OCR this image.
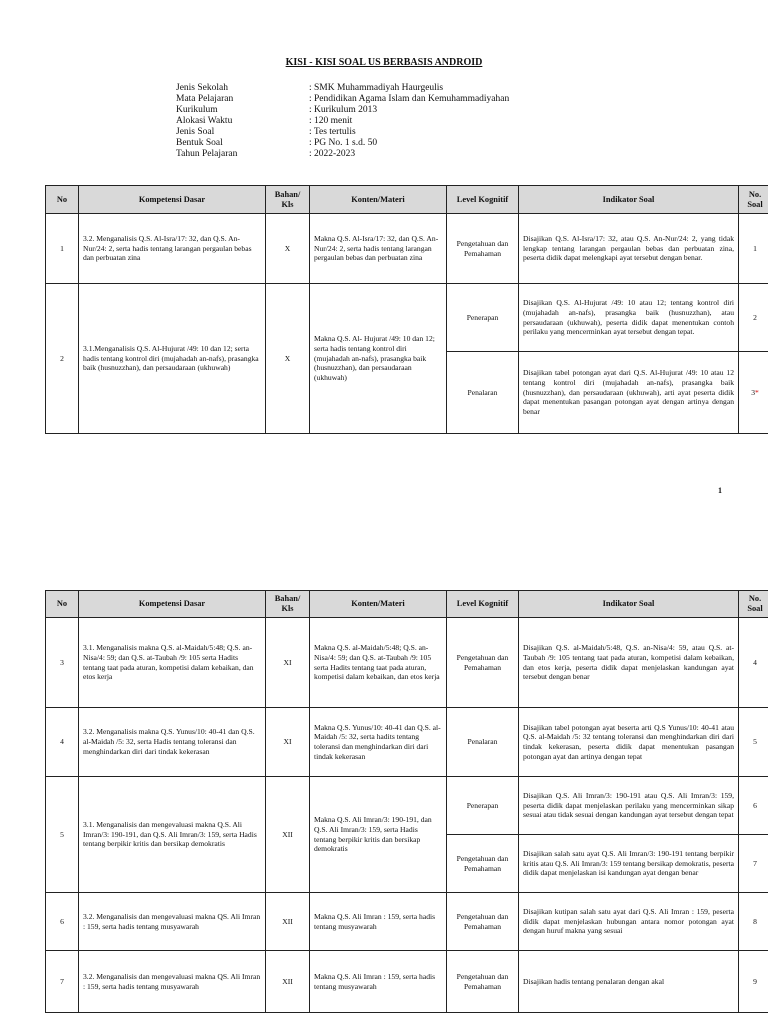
KISI - KISI SOAL US BERBASIS ANDROID
Jenis Sekolah	: SMK Muhammadiyah Haurgeulis
Mata Pelajaran	: Pendidikan Agama Islam dan Kemuhammadiyahan
Kurikulum	: Kurikulum 2013
Alokasi Waktu	: 120 menit
Jenis Soal	: Tes tertulis
Bentuk Soal	: PG No. 1 s.d. 50
Tahun Pelajaran	: 2022-2023
No	Kompetensi Dasar	Bahan/ Kls	Konten/Materi	Level Kognitif	Indikator Soal	No. Soal
1	3.2. Menganalisis Q.S. Al-Isra/17: 32, dan Q.S. An-Nur/24: 2, serta hadis tentang larangan pergaulan bebas dan perbuatan zina	X	Makna Q.S. Al-Isra/17: 32, dan Q.S. An-Nur/24: 2, serta hadis tentang larangan pergaulan bebas dan perbuatan zina	Pengetahuan dan Pemahaman	Disajikan Q.S. Al-Isra/17: 32, atau Q.S. An-Nur/24: 2, yang tidak lengkap tentang larangan pergaulan bebas dan perbuatan zina, peserta didik dapat melengkapi ayat tersebut dengan benar.	1
2	3.1.Menganalisis Q.S. Al-Hujurat /49: 10 dan 12; serta hadis tentang kontrol diri (mujahadah an-nafs), prasangka baik (husnuzzhan), dan persaudaraan (ukhuwah)	X	Makna Q.S. Al- Hujurat /49: 10 dan 12; serta hadis tentang kontrol diri (mujahadah an-nafs), prasangka baik (husnuzzhan), dan persaudaraan (ukhuwah)	Penerapan	Disajikan Q.S. Al-Hujurat /49: 10 atau 12; tentang kontrol diri (mujahadah an-nafs), prasangka baik (husnuzzhan), atau persaudaraan (ukhuwah), peserta didik dapat menentukan contoh perilaku yang mencerminkan ayat tersebut dengan tepat.	2
				Penalaran	Disajikan tabel potongan ayat dari Q.S. Al-Hujurat /49: 10 atau 12 tentang kontrol diri (mujahadah an-nafs), prasangka baik (husnuzzhan), dan persaudaraan (ukhuwah), arti ayat peserta didik dapat menentukan pasangan potongan ayat dengan artinya dengan benar	3*
1
No	Kompetensi Dasar	Bahan/ Kls	Konten/Materi	Level Kognitif	Indikator Soal	No. Soal
3	3.1. Menganalisis makna Q.S. al-Maidah/5:48; Q.S. an-Nisa/4: 59; dan Q.S. at-Taubah /9: 105 serta Hadits tentang taat pada aturan, kompetisi dalam kebaikan, dan etos kerja	XI	Makna Q.S. al-Maidah/5:48; Q.S. an-Nisa/4: 59; dan Q.S. at-Taubah /9: 105 serta Hadits tentang taat pada aturan, kompetisi dalam kebaikan, dan etos kerja	Pengetahuan dan Pemahaman	Disajikan Q.S. al-Maidah/5:48, Q.S. an-Nisa/4: 59, atau Q.S. at-Taubah /9: 105 tentang taat pada aturan, kompetisi dalam kebaikan, dan etos kerja, peserta didik dapat menjelaskan kandungan ayat tersebut dengan benar	4
4	3.2. Menganalisis makna Q.S. Yunus/10: 40-41 dan Q.S. al-Maidah /5: 32, serta Hadis tentang toleransi dan menghindarkan diri dari tindak kekerasan	XI	Makna Q.S. Yunus/10: 40-41 dan Q.S. al-Maidah /5: 32, serta hadits tentang toleransi dan menghindarkan diri dari tindak kekerasan	Penalaran	Disajikan tabel potongan ayat beserta arti Q.S Yunus/10: 40-41 atau Q.S. al-Maidah /5: 32 tentang toleransi dan menghindarkan diri dari tindak kekerasan, peserta didik dapat menentukan pasangan potongan ayat dan artinya dengan tepat	5
5	3.1. Menganalisis dan mengevaluasi makna Q.S. Ali Imran/3: 190-191, dan Q.S. Ali Imran/3: 159, serta Hadis tentang berpikir kritis dan bersikap demokratis	XII	Makna Q.S. Ali Imran/3: 190-191, dan Q.S. Ali Imran/3: 159, serta Hadis tentang berpikir kritis dan bersikap demokratis	Penerapan	Disajikan Q.S. Ali Imran/3: 190-191 atau Q.S. Ali Imran/3: 159, peserta didik dapat menjelaskan perilaku yang mencerminkan sikap sesuai atau tidak sesuai dengan kandungan ayat tersebut dengan tepat	6
				Pengetahuan dan Pemahaman	Disajikan salah satu ayat Q.S. Ali Imran/3: 190-191 tentang berpikir kritis atau Q.S. Ali Imran/3: 159 tentang bersikap demokratis, peserta didik dapat menjelaskan isi kandungan ayat dengan benar	7
6	3.2. Menganalisis dan mengevaluasi makna QS. Ali Imran : 159, serta hadis tentang musyawarah	XII	Makna Q.S. Ali Imran : 159, serta hadis tentang musyawarah	Pengetahuan dan Pemahaman	Disajikan kutipan salah satu ayat dari Q.S. Ali Imran : 159, peserta didik dapat menjelaskan hubungan antara nomor potongan ayat dengan huruf makna yang sesuai	8
7	3.2. Menganalisis dan mengevaluasi makna QS. Ali Imran : 159, serta hadis tentang musyawarah	XII	Makna Q.S. Ali Imran : 159, serta hadis tentang musyawarah	Pengetahuan dan Pemahaman	Disajikan hadis tentang penalaran dengan akal	9
